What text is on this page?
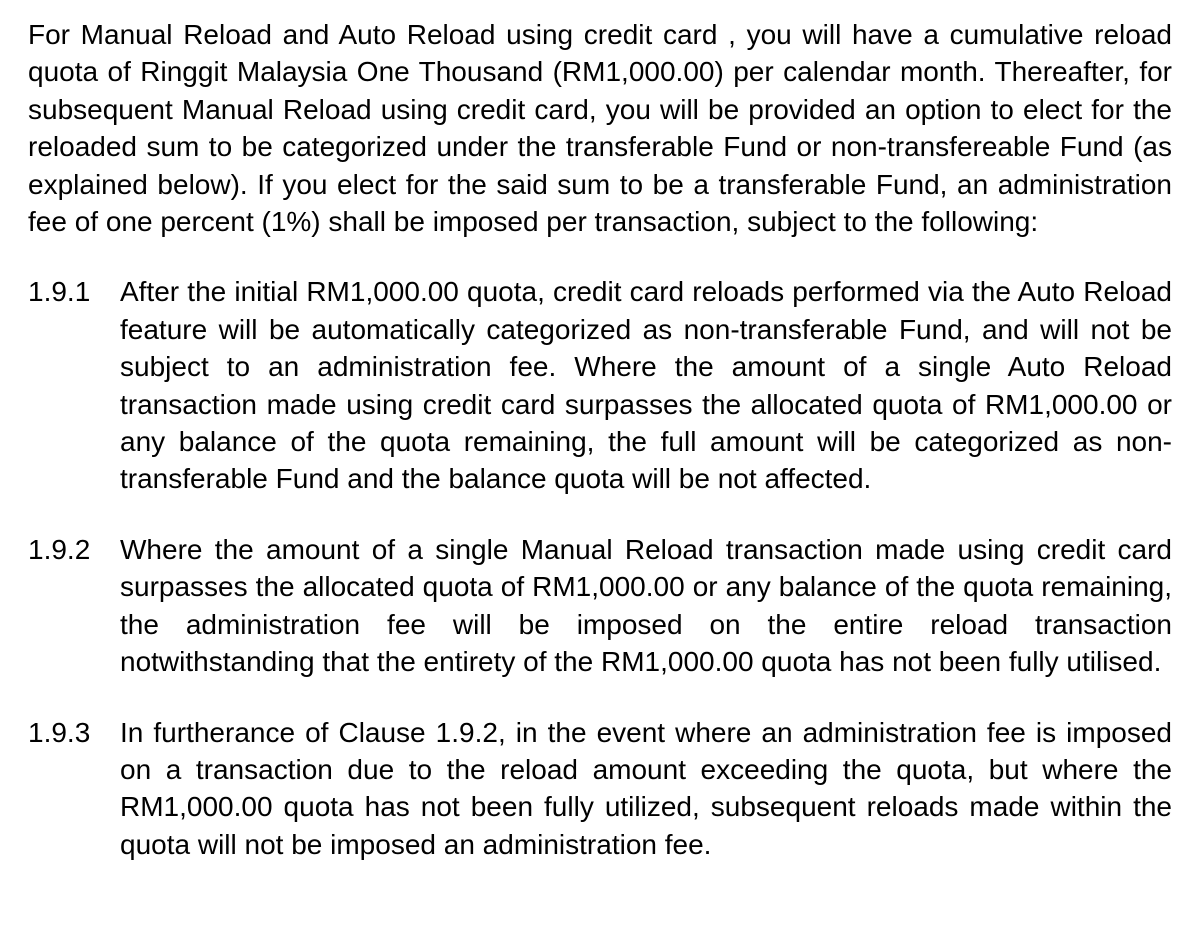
For Manual Reload and Auto Reload using credit card , you will have a cumulative reload quota of Ringgit Malaysia One Thousand (RM1,000.00) per calendar month. Thereafter, for subsequent Manual Reload using credit card, you will be provided an option to elect for the reloaded sum to be categorized under the transferable Fund or non-transfereable Fund (as explained below). If you elect for the said sum to be a transferable Fund, an administration fee of one percent (1%) shall be imposed per transaction, subject to the following:

1.9.1	After the initial RM1,000.00 quota, credit card reloads performed via the Auto Reload feature will be automatically categorized as non-transferable Fund, and will not be subject to an administration fee. Where the amount of a single Auto Reload transaction made using credit card surpasses the allocated quota of RM1,000.00 or any balance of the quota remaining, the full amount will be categorized as non-transferable Fund and the balance quota will be not affected.

1.9.2	Where the amount of a single Manual Reload transaction made using credit card surpasses the allocated quota of RM1,000.00 or any balance of the quota remaining, the administration fee will be imposed on the entire reload transaction notwithstanding that the entirety of the RM1,000.00 quota has not been fully utilised.

1.9.3	In furtherance of Clause 1.9.2, in the event where an administration fee is imposed on a transaction due to the reload amount exceeding the quota, but where the RM1,000.00 quota has not been fully utilized, subsequent reloads made within the quota will not be imposed an administration fee.
